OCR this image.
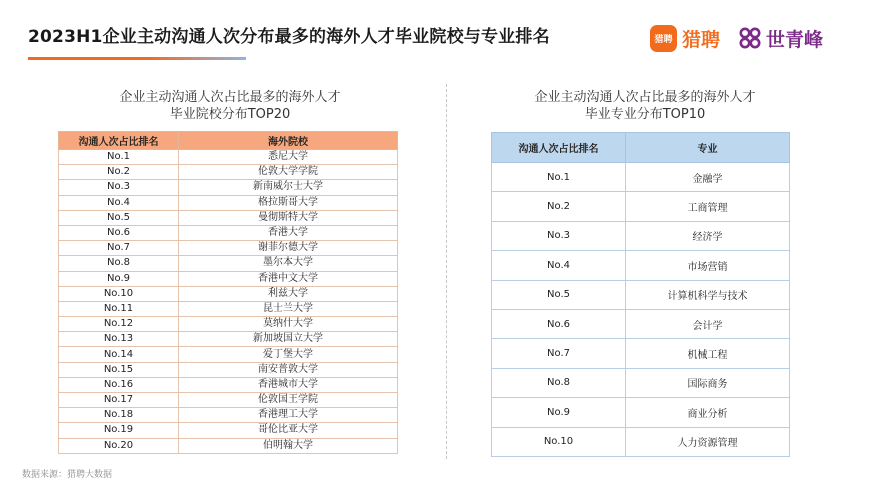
2023H1企业主动沟通人次分布最多的海外人才毕业院校与专业排名	猎聘 猎聘 世青峰
企业主动沟通人次占比最多的海外人才
毕业院校分布TOP20
沟通人次占比排名	海外院校
No.1	悉尼大学
No.2	伦敦大学学院
No.3	新南威尔士大学
No.4	格拉斯哥大学
No.5	曼彻斯特大学
No.6	香港大学
No.7	谢菲尔德大学
No.8	墨尔本大学
No.9	香港中文大学
No.10	利兹大学
No.11	昆士兰大学
No.12	莫纳什大学
No.13	新加坡国立大学
No.14	爱丁堡大学
No.15	南安普敦大学
No.16	香港城市大学
No.17	伦敦国王学院
No.18	香港理工大学
No.19	哥伦比亚大学
No.20	伯明翰大学
企业主动沟通人次占比最多的海外人才
毕业专业分布TOP10
沟通人次占比排名	专业
No.1	金融学
No.2	工商管理
No.3	经济学
No.4	市场营销
No.5	计算机科学与技术
No.6	会计学
No.7	机械工程
No.8	国际商务
No.9	商业分析
No.10	人力资源管理
数据来源：猎聘大数据
